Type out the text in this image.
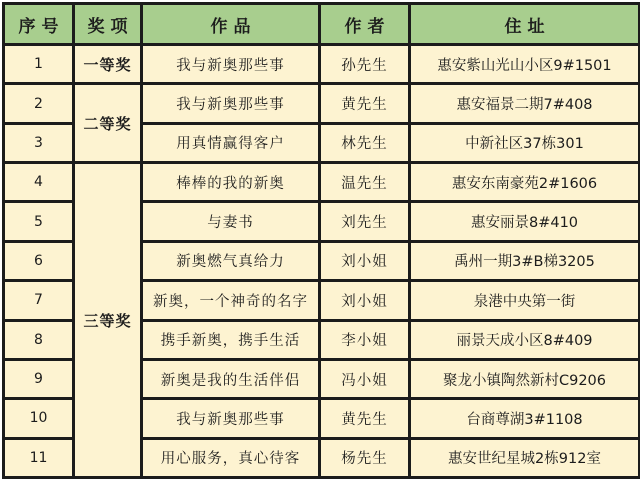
序号	奖项	作品	作者	住址
1	一等奖	我与新奥那些事	孙先生	惠安紫山光山小区9#1501
2	二等奖	我与新奥那些事	黄先生	惠安福景二期7#408
3		用真情赢得客户	林先生	中新社区37栋301
4	三等奖	棒棒的我的新奥	温先生	惠安东南豪苑2#1606
5		与妻书	刘先生	惠安丽景8#410
6		新奥燃气真给力	刘小姐	禹州一期3#B梯3205
7		新奥，一个神奇的名字	刘小姐	泉港中央第一街
8		携手新奥，携手生活	李小姐	丽景天成小区8#409
9		新奥是我的生活伴侣	冯小姐	聚龙小镇陶然新村C9206
10		我与新奥那些事	黄先生	台商尊湖3#1108
11		用心服务，真心待客	杨先生	惠安世纪星城2栋912室
